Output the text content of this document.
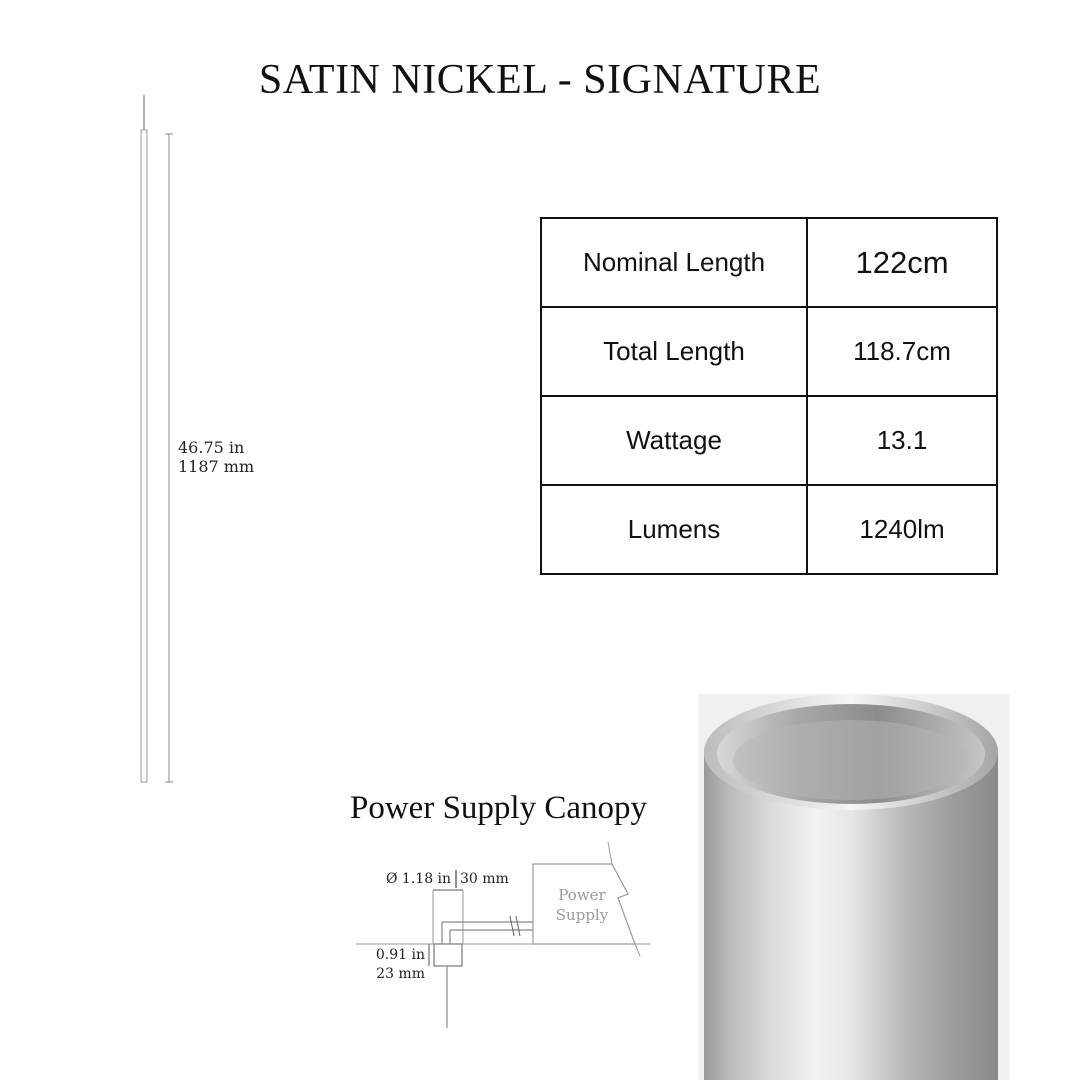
SATIN NICKEL - SIGNATURE
46.75 in
1187 mm
Nominal Length	122cm
Total Length	118.7cm
Wattage	13.1
Lumens	1240lm
Power Supply Canopy
Ø 1.18 in 30 mm
Power
Supply
0.91 in
23 mm
